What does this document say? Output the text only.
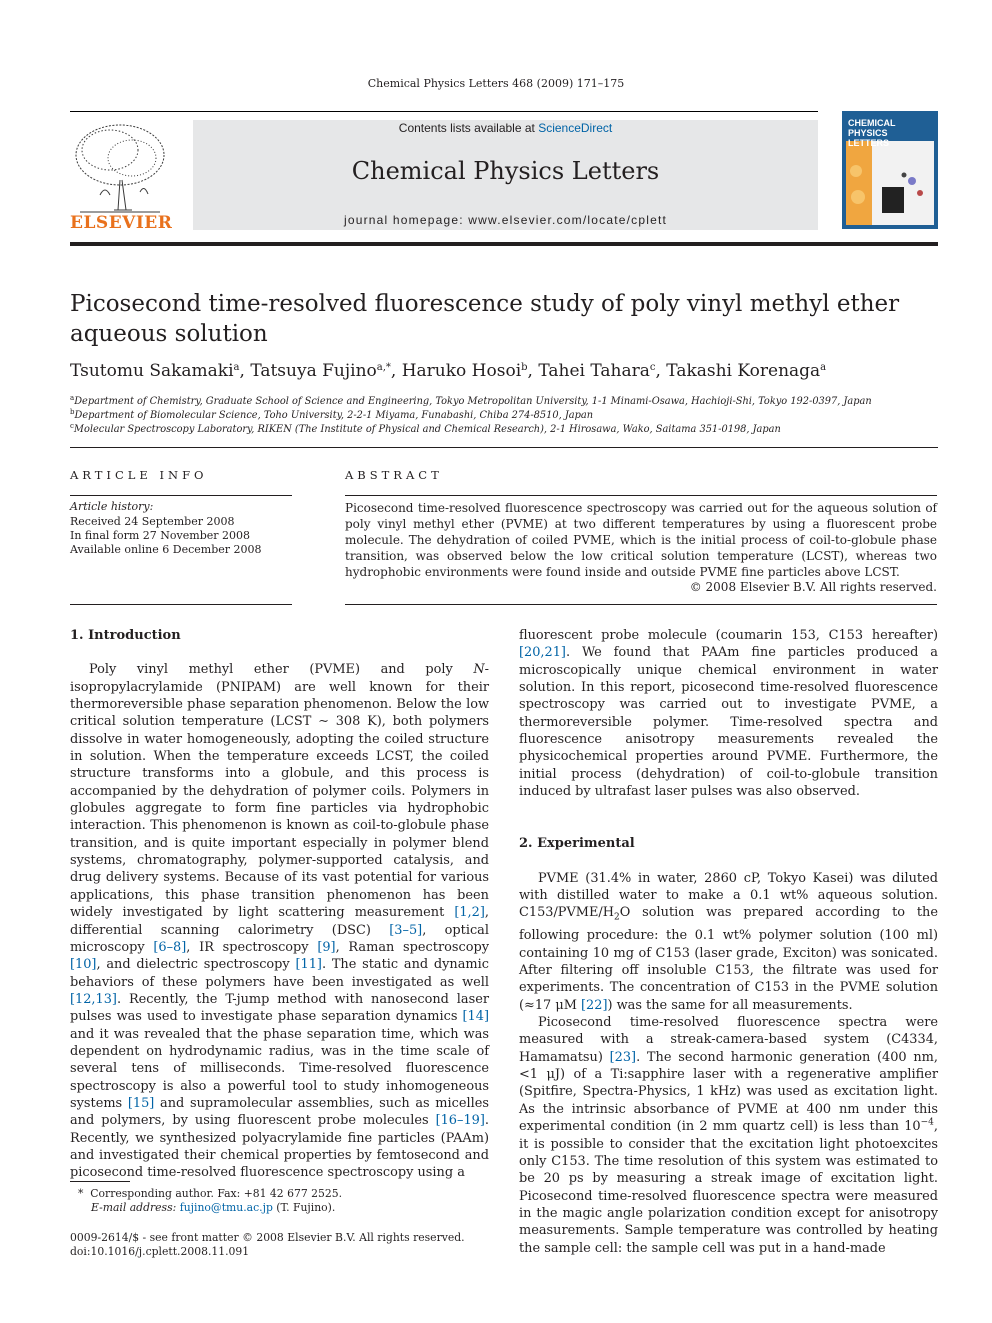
Chemical Physics Letters 468 (2009) 171–175
ELSEVIER
Contents lists available at ScienceDirect
Chemical Physics Letters
journal homepage: www.elsevier.com/locate/cplett
CHEMICAL
PHYSICS
LETTERS
Picosecond time-resolved fluorescence study of poly vinyl methyl ether
aqueous solution
Tsutomu Sakamaki$^a$, Tatsuya Fujino$^{a,*}$, Haruko Hosoi$^b$, Tahei Tahara$^c$, Takashi Korenaga$^a$
$^a$Department of Chemistry, Graduate School of Science and Engineering, Tokyo Metropolitan University, 1-1 Minami-Osawa, Hachioji-Shi, Tokyo 192-0397, Japan
$^b$Department of Biomolecular Science, Toho University, 2-2-1 Miyama, Funabashi, Chiba 274-8510, Japan
$^c$Molecular Spectroscopy Laboratory, RIKEN (The Institute of Physical and Chemical Research), 2-1 Hirosawa, Wako, Saitama 351-0198, Japan
ARTICLE INFO
Article history:
Received 24 September 2008
In final form 27 November 2008
Available online 6 December 2008
ABSTRACT
Picosecond time-resolved fluorescence spectroscopy was carried out for the aqueous solution of poly vinyl methyl ether (PVME) at two different temperatures by using a fluorescent probe molecule. The dehydration of coiled PVME, which is the initial process of coil-to-globule phase transition, was observed below the low critical solution temperature (LCST), whereas two hydrophobic environments were found inside and outside PVME fine particles above LCST.
© 2008 Elsevier B.V. All rights reserved.
1. Introduction

Poly vinyl methyl ether (PVME) and poly N-isopropylacrylamide (PNIPAM) are well known for their thermoreversible phase separation phenomenon. Below the low critical solution temperature (LCST ∼ 308 K), both polymers dissolve in water homogeneously, adopting the coiled structure in solution. When the temperature exceeds LCST, the coiled structure transforms into a globule, and this process is accompanied by the dehydration of polymer coils. Polymers in globules aggregate to form fine particles via hydrophobic interaction. This phenomenon is known as coil-to-globule phase transition, and is quite important especially in polymer blend systems, chromatography, polymer-supported catalysis, and drug delivery systems. Because of its vast potential for various applications, this phase transition phenomenon has been widely investigated by light scattering measurement [1,2], differential scanning calorimetry (DSC) [3–5], optical microscopy [6–8], IR spectroscopy [9], Raman spectroscopy [10], and dielectric spectroscopy [11]. The static and dynamic behaviors of these polymers have been investigated as well [12,13]. Recently, the T-jump method with nanosecond laser pulses was used to investigate phase separation dynamics [14] and it was revealed that the phase separation time, which was dependent on hydrodynamic radius, was in the time scale of several tens of milliseconds. Time-resolved fluorescence spectroscopy is also a powerful tool to study inhomogeneous systems [15] and supramolecular assemblies, such as micelles and polymers, by using fluorescent probe molecules [16–19]. Recently, we synthesized polyacrylamide fine particles (PAAm) and investigated their chemical properties by femtosecond and picosecond time-resolved fluorescence spectroscopy using a

* Corresponding author. Fax: +81 42 677 2525.
E-mail address: fujino@tmu.ac.jp (T. Fujino).
0009-2614/$ - see front matter © 2008 Elsevier B.V. All rights reserved.
doi:10.1016/j.cplett.2008.11.091

fluorescent probe molecule (coumarin 153, C153 hereafter) [20,21]. We found that PAAm fine particles produced a microscopically unique chemical environment in water solution. In this report, picosecond time-resolved fluorescence spectroscopy was carried out to investigate PVME, a thermoreversible polymer. Time-resolved spectra and fluorescence anisotropy measurements revealed the physicochemical properties around PVME. Furthermore, the initial process (dehydration) of coil-to-globule transition induced by ultrafast laser pulses was also observed.

2. Experimental

PVME (31.4% in water, 2860 cP, Tokyo Kasei) was diluted with distilled water to make a 0.1 wt% aqueous solution. $C153/PVME/H_2O$ solution was prepared according to the following procedure: the 0.1 wt% polymer solution (100 ml) containing 10 mg of C153 (laser grade, Exciton) was sonicated. After filtering off insoluble C153, the filtrate was used for experiments. The concentration of C153 in the PVME solution (≈17 μM [22]) was the same for all measurements.

Picosecond time-resolved fluorescence spectra were measured with a streak-camera-based system (C4334, Hamamatsu) [23]. The second harmonic generation (400 nm, <1 μJ) of a Ti:sapphire laser with a regenerative amplifier (Spitfire, Spectra-Physics, 1 kHz) was used as excitation light. As the intrinsic absorbance of PVME at 400 nm under this experimental condition (in 2 mm quartz cell) is less than $10^{-4}$, it is possible to consider that the excitation light photoexcites only C153. The time resolution of this system was estimated to be 20 ps by measuring a streak image of excitation light. Picosecond time-resolved fluorescence spectra were measured in the magic angle polarization condition except for anisotropy measurements. Sample temperature was controlled by heating the sample cell: the sample cell was put in a hand-made
